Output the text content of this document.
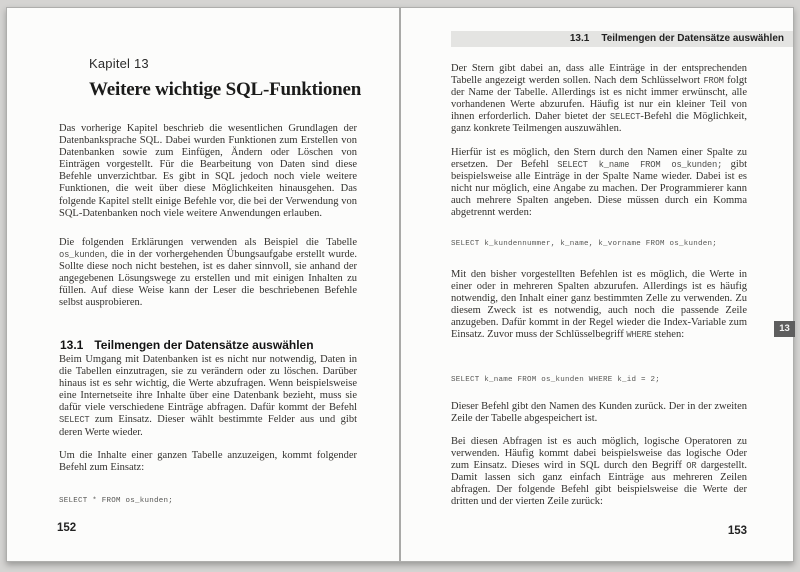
Kapitel 13
Weitere wichtige SQL-Funktionen

Das vorherige Kapitel beschrieb die wesentlichen Grundlagen der Datenbanksprache SQL. Dabei wurden Funktionen zum Erstellen von Datenbanken sowie zum Einfügen, Ändern oder Löschen von Einträgen vorgestellt. Für die Bearbeitung von Daten sind diese Befehle unverzichtbar. Es gibt in SQL jedoch noch viele weitere Funktionen, die weit über diese Möglichkeiten hinausgehen. Das folgende Kapitel stellt einige Befehle vor, die bei der Verwendung von SQL-Datenbanken noch viele weitere Anwendungen erlauben.

Die folgenden Erklärungen verwenden als Beispiel die Tabelle os_kunden, die in der vorhergehenden Übungsaufgabe erstellt wurde. Sollte diese noch nicht bestehen, ist es daher sinnvoll, sie anhand der angegebenen Lösungswege zu erstellen und mit einigen Inhalten zu füllen. Auf diese Weise kann der Leser die beschriebenen Befehle selbst ausprobieren.

13.1 Teilmengen der Datensätze auswählen

Beim Umgang mit Datenbanken ist es nicht nur notwendig, Daten in die Tabellen einzutragen, sie zu verändern oder zu löschen. Darüber hinaus ist es sehr wichtig, die Werte abzufragen. Wenn beispielsweise eine Internetseite ihre Inhalte über eine Datenbank bezieht, muss sie dafür viele verschiedene Einträge abfragen. Dafür kommt der Befehl SELECT zum Einsatz. Dieser wählt bestimmte Felder aus und gibt deren Werte wieder.

Um die Inhalte einer ganzen Tabelle anzuzeigen, kommt folgender Befehl zum Einsatz:

SELECT * FROM os_kunden;
152
13.1 Teilmengen der Datensätze auswählen

Der Stern gibt dabei an, dass alle Einträge in der entsprechenden Tabelle angezeigt werden sollen. Nach dem Schlüsselwort FROM folgt der Name der Tabelle. Allerdings ist es nicht immer erwünscht, alle vorhandenen Werte abzurufen. Häufig ist nur ein kleiner Teil von ihnen erforderlich. Daher bietet der SELECT-Befehl die Möglichkeit, ganz konkrete Teilmengen auszuwählen.

Hierfür ist es möglich, den Stern durch den Namen einer Spalte zu ersetzen. Der Befehl SELECT k_name FROM os_kunden; gibt beispielsweise alle Einträge in der Spalte Name wieder. Dabei ist es nicht nur möglich, eine Angabe zu machen. Der Programmierer kann auch mehrere Spalten angeben. Diese müssen durch ein Komma abgetrennt werden:

SELECT k_kundennummer, k_name, k_vorname FROM os_kunden;

Mit den bisher vorgestellten Befehlen ist es möglich, die Werte in einer oder in mehreren Spalten abzurufen. Allerdings ist es häufig notwendig, den Inhalt einer ganz bestimmten Zelle zu verwenden. Zu diesem Zweck ist es notwendig, auch noch die passende Zeile anzugeben. Dafür kommt in der Regel wieder die Index-Variable zum Einsatz. Zuvor muss der Schlüsselbegriff WHERE stehen:

SELECT k_name FROM os_kunden WHERE k_id = 2;

Dieser Befehl gibt den Namen des Kunden zurück. Der in der zweiten Zeile der Tabelle abgespeichert ist.

Bei diesen Abfragen ist es auch möglich, logische Operatoren zu verwenden. Häufig kommt dabei beispielsweise das logische Oder zum Einsatz. Dieses wird in SQL durch den Begriff OR dargestellt. Damit lassen sich ganz einfach Einträge aus mehreren Zeilen abfragen. Der folgende Befehl gibt beispielsweise die Werte der dritten und der vierten Zeile zurück:

153
13
